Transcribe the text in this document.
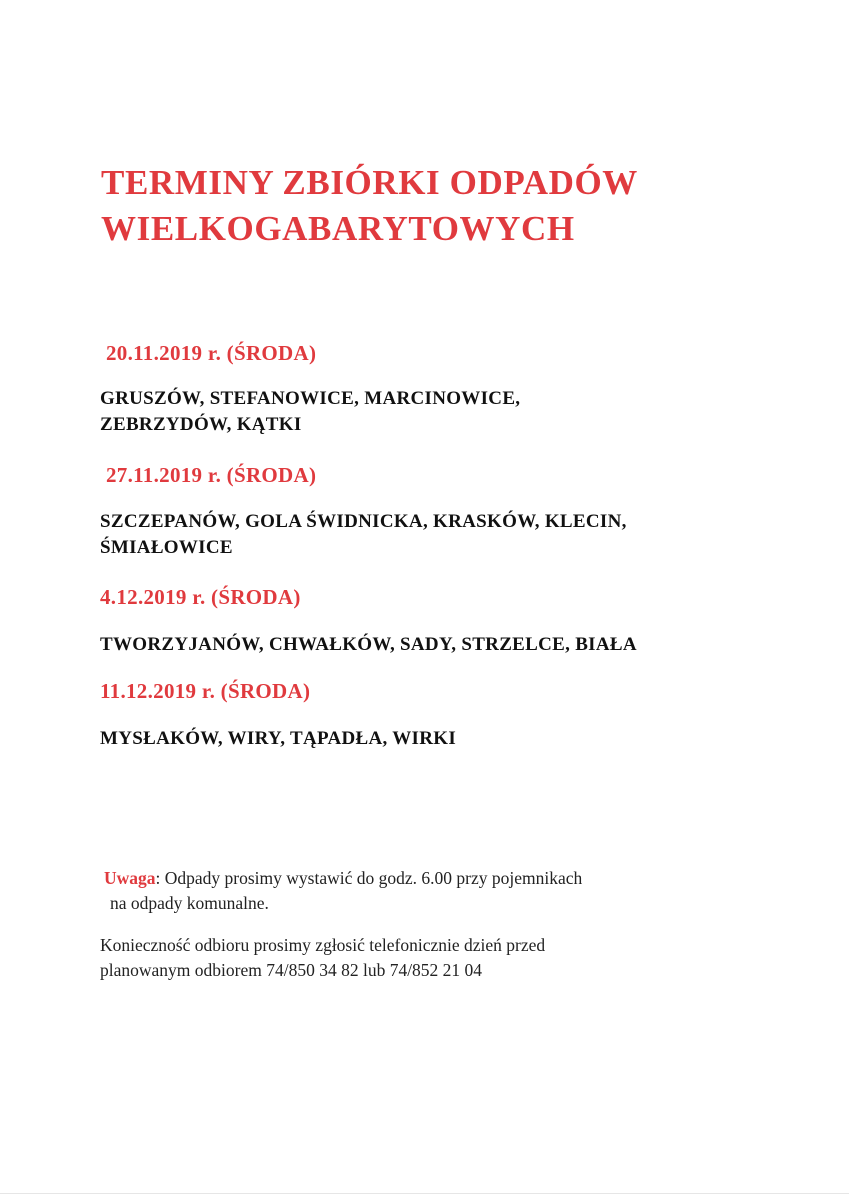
TERMINY ZBIÓRKI ODPADÓW
WIELKOGABARYTOWYCH

20.11.2019 r. (ŚRODA)

GRUSZÓW, STEFANOWICE, MARCINOWICE,
ZEBRZYDÓW, KĄTKI

27.11.2019 r. (ŚRODA)

SZCZEPANÓW, GOLA ŚWIDNICKA, KRASKÓW, KLECIN,
ŚMIAŁOWICE

4.12.2019 r. (ŚRODA)

TWORZYJANÓW, CHWAŁKÓW, SADY, STRZELCE, BIAŁA

11.12.2019 r. (ŚRODA)

MYSŁAKÓW, WIRY, TĄPADŁA, WIRKI

Uwaga: Odpady prosimy wystawić do godz. 6.00 przy pojemnikach
na odpady komunalne.

Konieczność odbioru prosimy zgłosić telefonicznie dzień przed
planowanym odbiorem 74/850 34 82 lub 74/852 21 04
